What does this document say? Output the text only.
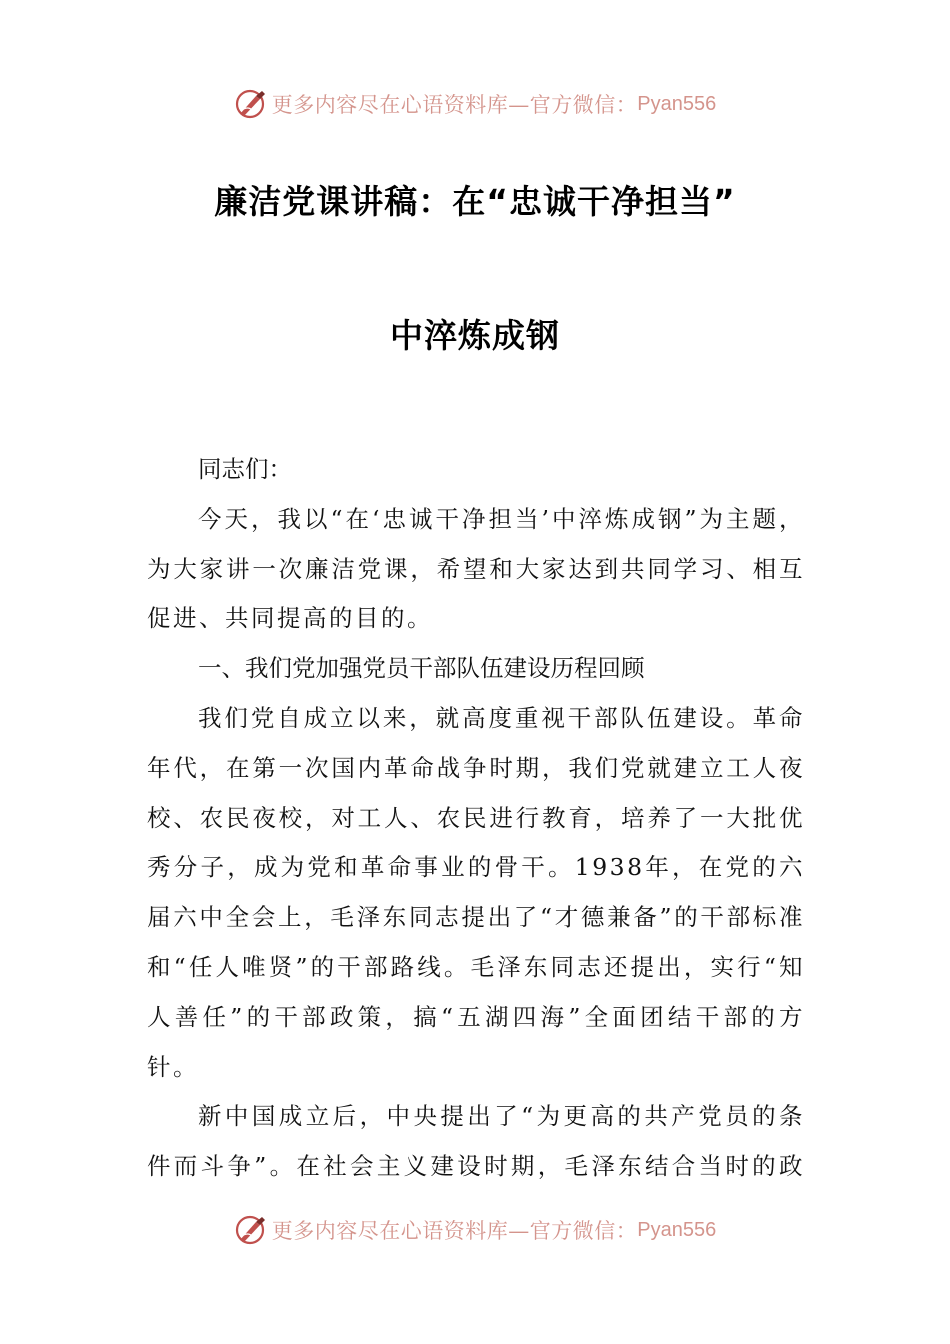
更多内容尽在心语资料库—官方微信： Pyan556
廉洁党课讲稿：在“忠诚干净担当”
中淬炼成钢

同志们：

今天，我以“在‘忠诚干净担当’中淬炼成钢”为主题，为大家讲一次廉洁党课，希望和大家达到共同学习、相互促进、共同提高的目的。

一、我们党加强党员干部队伍建设历程回顾

我们党自成立以来，就高度重视干部队伍建设。革命年代，在第一次国内革命战争时期，我们党就建立工人夜校、农民夜校，对工人、农民进行教育，培养了一大批优秀分子，成为党和革命事业的骨干。1938年，在党的六届六中全会上，毛泽东同志提出了“才德兼备”的干部标准和“任人唯贤”的干部路线。毛泽东同志还提出，实行“知人善任”的干部政策，搞“五湖四海”全面团结干部的方针。

新中国成立后，中央提出了“为更高的共产党员的条件而斗争”。在社会主义建设时期，毛泽东结合当时的政

更多内容尽在心语资料库—官方微信： Pyan556
